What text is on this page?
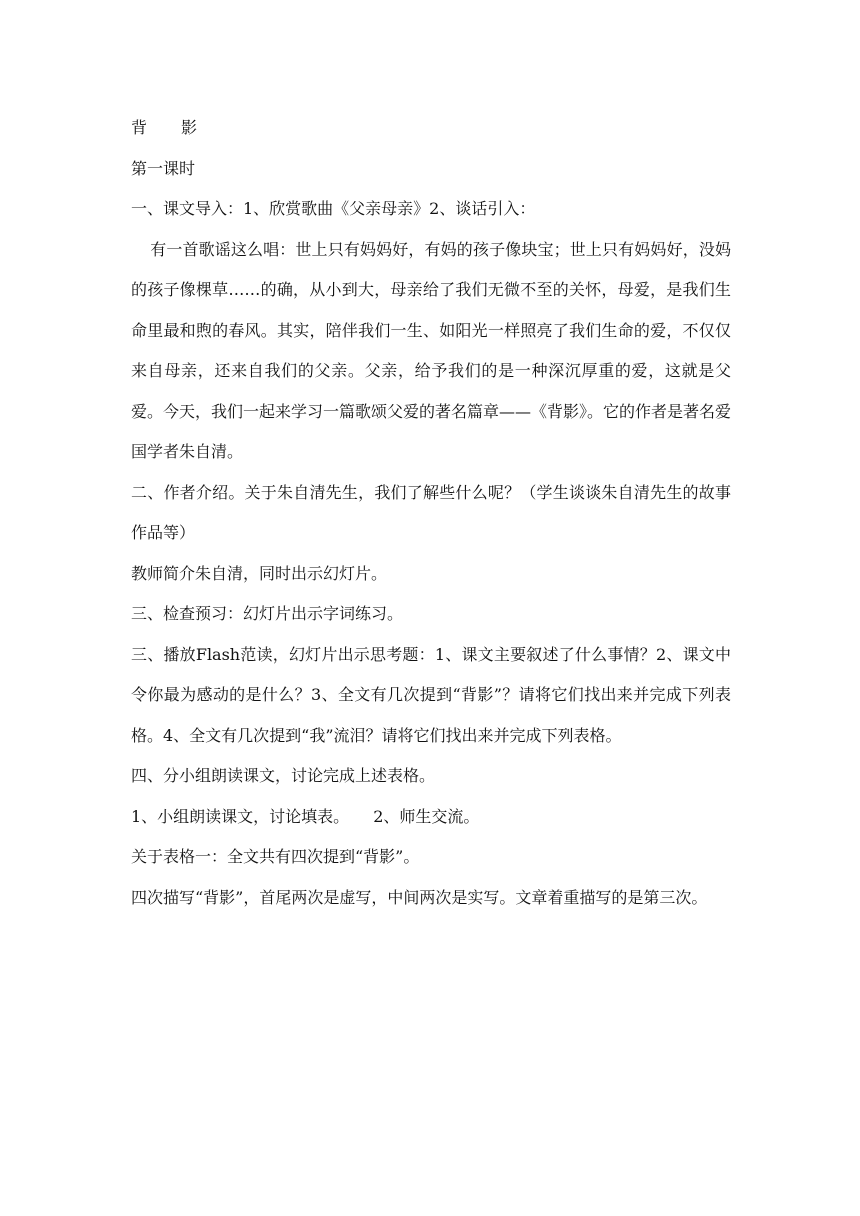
背 影

第一课时

一、课文导入：1、欣赏歌曲《父亲母亲》2、谈话引入：

有一首歌谣这么唱：世上只有妈妈好，有妈的孩子像块宝；世上只有妈妈好，没妈的孩子像棵草……的确，从小到大，母亲给了我们无微不至的关怀，母爱，是我们生命里最和煦的春风。其实，陪伴我们一生、如阳光一样照亮了我们生命的爱，不仅仅来自母亲，还来自我们的父亲。父亲，给予我们的是一种深沉厚重的爱，这就是父爱。今天，我们一起来学习一篇歌颂父爱的著名篇章——《背影》。它的作者是著名爱国学者朱自清。

二、作者介绍。关于朱自清先生，我们了解些什么呢？（学生谈谈朱自清先生的故事作品等）

教师简介朱自清，同时出示幻灯片。

三、检查预习：幻灯片出示字词练习。

三、播放Flash范读，幻灯片出示思考题：1、课文主要叙述了什么事情？2、课文中令你最为感动的是什么？3、全文有几次提到“背影”？请将它们找出来并完成下列表格。4、全文有几次提到“我”流泪？请将它们找出来并完成下列表格。

四、分小组朗读课文，讨论完成上述表格。

1、小组朗读课文，讨论填表。 2、师生交流。

关于表格一：全文共有四次提到“背影”。

四次描写“背影”，首尾两次是虚写，中间两次是实写。文章着重描写的是第三次。
